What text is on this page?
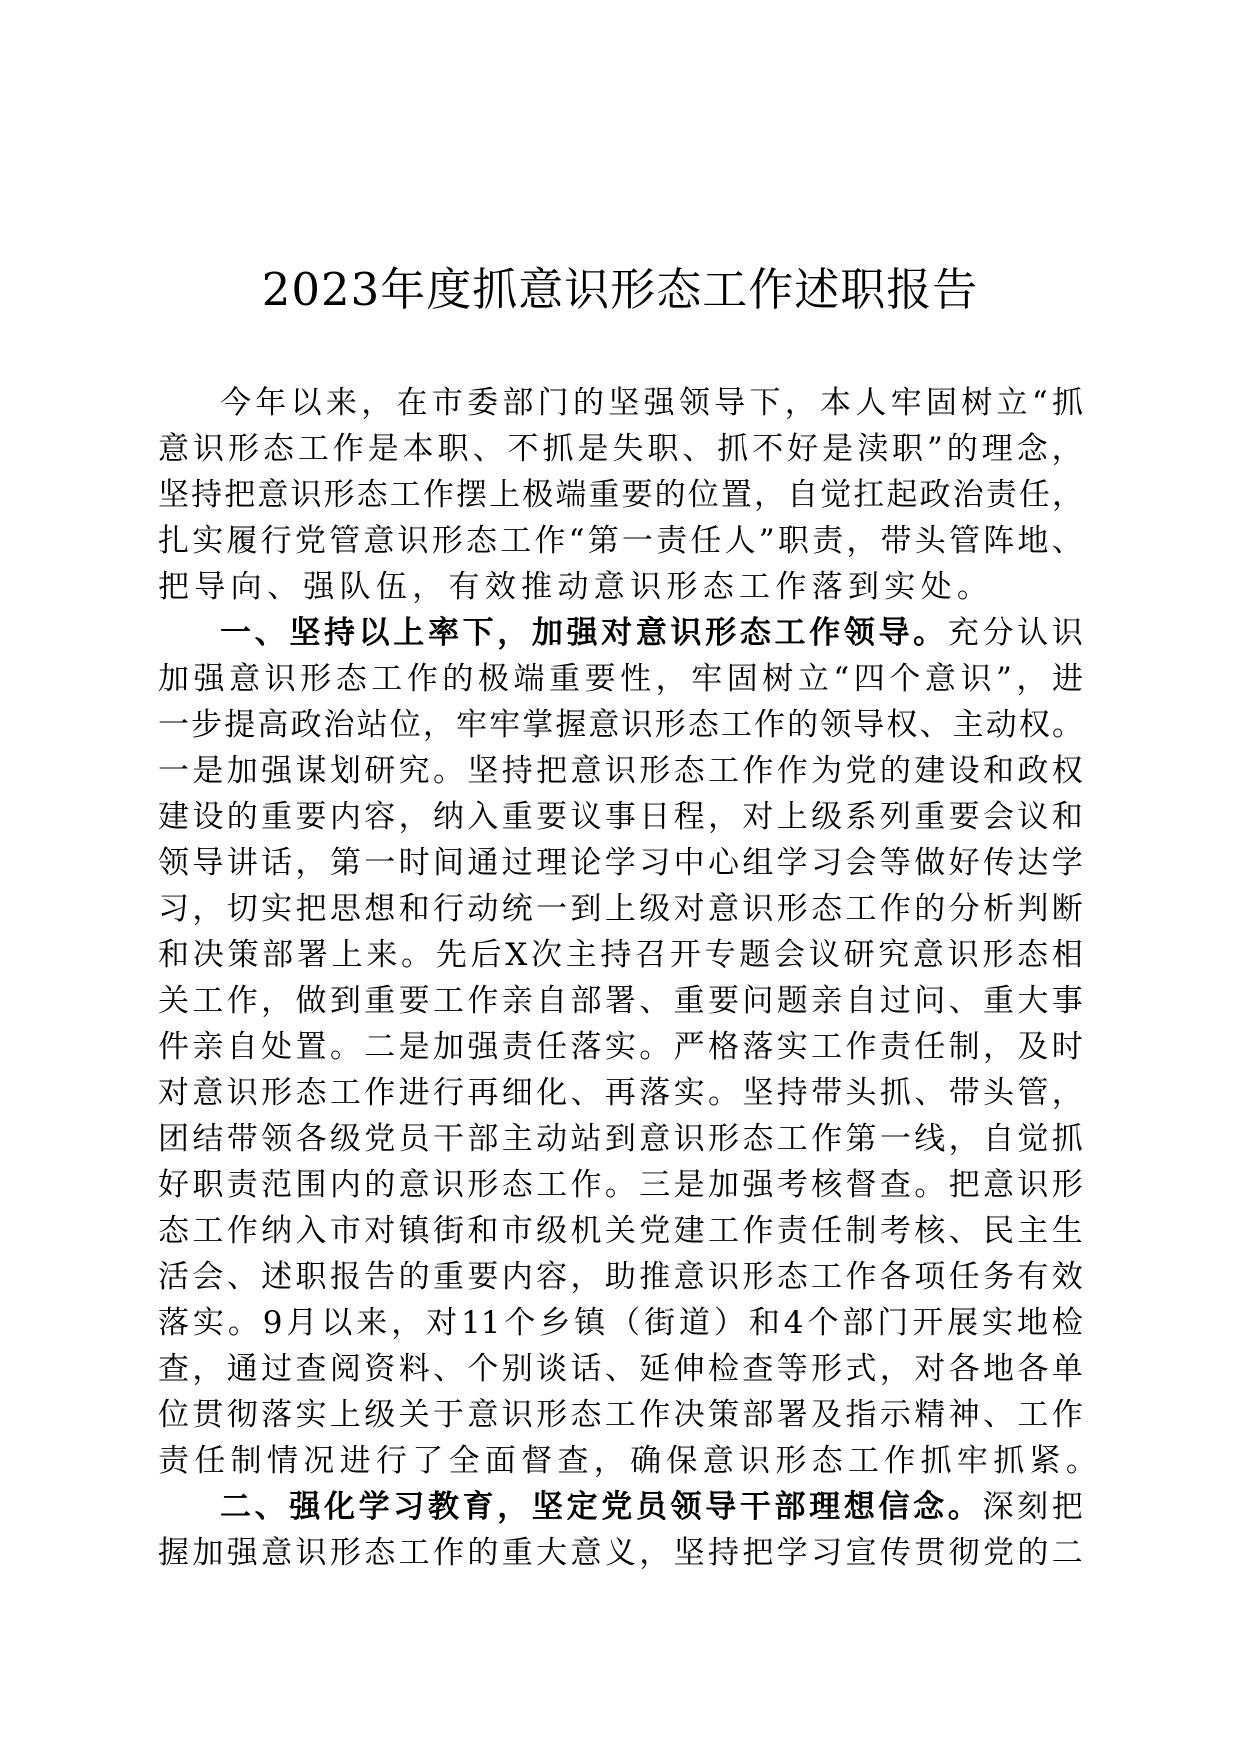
2023年度抓意识形态工作述职报告
今 年 以 来 ， 在 市 委 部 门 的 坚 强 领 导 下 ， 本 人 牢 固 树 立 “ 抓
意 识 形 态 工 作 是 本 职 、 不 抓 是 失 职 、 抓 不 好 是 渎 职 ” 的 理 念 ，
坚 持 把 意 识 形 态 工 作 摆 上 极 端 重 要 的 位 置 ， 自 觉 扛 起 政 治 责 任 ，
扎 实 履 行 党 管 意 识 形 态 工 作 “ 第 一 责 任 人 ” 职 责 ， 带 头 管 阵 地 、
把 导 向 、 强 队 伍 ， 有 效 推 动 意 识 形 态 工 作 落 到 实 处 。
一 、 坚 持 以 上 率 下 ， 加 强 对 意 识 形 态 工 作 领 导 。 充 分 认 识
加 强 意 识 形 态 工 作 的 极 端 重 要 性 ， 牢 固 树 立 “ 四 个 意 识 ” ， 进
一 步 提 高 政 治 站 位 ， 牢 牢 掌 握 意 识 形 态 工 作 的 领 导 权 、 主 动 权 。
一 是 加 强 谋 划 研 究 。 坚 持 把 意 识 形 态 工 作 作 为 党 的 建 设 和 政 权
建 设 的 重 要 内 容 ， 纳 入 重 要 议 事 日 程 ， 对 上 级 系 列 重 要 会 议 和
领 导 讲 话 ， 第 一 时 间 通 过 理 论 学 习 中 心 组 学 习 会 等 做 好 传 达 学
习 ， 切 实 把 思 想 和 行 动 统 一 到 上 级 对 意 识 形 态 工 作 的 分 析 判 断
和 决 策 部 署 上 来 。 先 后 X 次 主 持 召 开 专 题 会 议 研 究 意 识 形 态 相
关 工 作 ， 做 到 重 要 工 作 亲 自 部 署 、 重 要 问 题 亲 自 过 问 、 重 大 事
件 亲 自 处 置 。 二 是 加 强 责 任 落 实 。 严 格 落 实 工 作 责 任 制 ， 及 时
对 意 识 形 态 工 作 进 行 再 细 化 、 再 落 实 。 坚 持 带 头 抓 、 带 头 管 ，
团 结 带 领 各 级 党 员 干 部 主 动 站 到 意 识 形 态 工 作 第 一 线 ， 自 觉 抓
好 职 责 范 围 内 的 意 识 形 态 工 作 。 三 是 加 强 考 核 督 查 。 把 意 识 形
态 工 作 纳 入 市 对 镇 街 和 市 级 机 关 党 建 工 作 责 任 制 考 核 、 民 主 生
活 会 、 述 职 报 告 的 重 要 内 容 ， 助 推 意 识 形 态 工 作 各 项 任 务 有 效
落 实 。 9 月 以 来 ， 对 11 个 乡 镇 （ 街 道 ） 和 4 个 部 门 开 展 实 地 检
查 ， 通 过 查 阅 资 料 、 个 别 谈 话 、 延 伸 检 查 等 形 式 ， 对 各 地 各 单
位 贯 彻 落 实 上 级 关 于 意 识 形 态 工 作 决 策 部 署 及 指 示 精 神 、 工 作
责 任 制 情 况 进 行 了 全 面 督 查 ， 确 保 意 识 形 态 工 作 抓 牢 抓 紧 。
二 、 强 化 学 习 教 育 ， 坚 定 党 员 领 导 干 部 理 想 信 念 。 深 刻 把
握 加 强 意 识 形 态 工 作 的 重 大 意 义 ， 坚 持 把 学 习 宣 传 贯 彻 党 的 二
